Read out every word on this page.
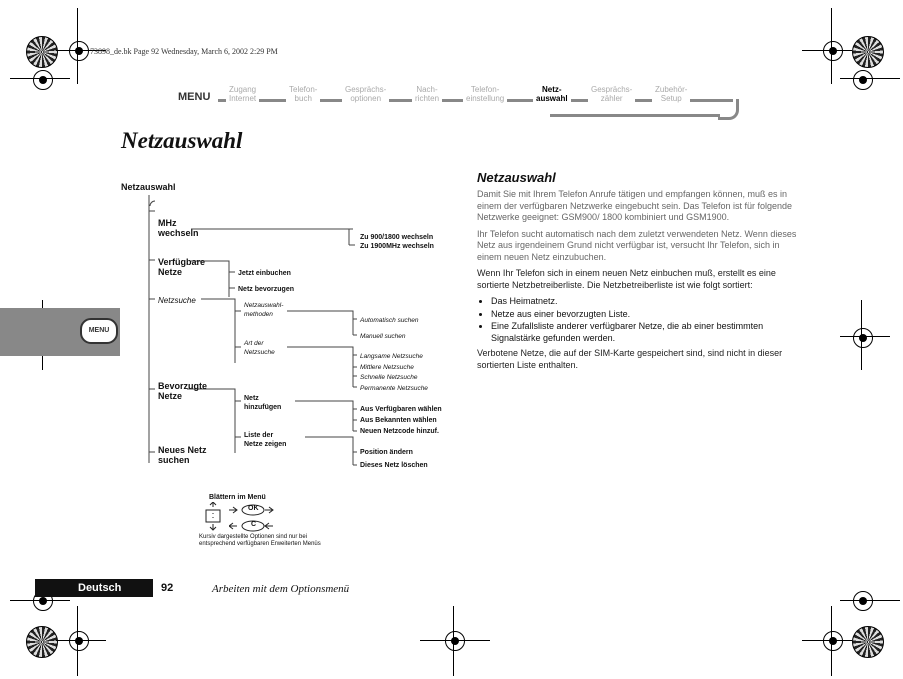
73898_de.bk Page 92 Wednesday, March 6, 2002 2:29 PM
MENU
Zugang
Internet
Telefon-
buch
Gesprächs-
optionen
Nach-
richten
Telefon-
einstellung
Netz-
auswahl
Gesprächs-
zähler
Zubehör-
Setup
Netzauswahl
MENU
Netzauswahl
MHz
wechseln	Zu 900/1800 wechseln
Zu 1900MHz wechseln
Verfügbare
Netze	Jetzt einbuchen
Netz bevorzugen
Netzsuche
Netzauswahl-
methoden
Automatisch suchen
Manuell suchen
Art der
Netzsuche
Langsame Netzsuche
Mittlere Netzsuche
Schnelle Netzsuche
Permanente Netzsuche
Bevorzugte
Netze	Netz
hinzufügen	Aus Verfügbaren wählen
Aus Bekannten wählen
Neuen Netzcode hinzuf.
Liste der
Netze zeigen
Position ändern
Dieses Netz löschen
Neues Netz
suchen
Blättern im Menü
OK
C
Kursiv dargestellte Optionen sind nur bei
entsprechend verfügbaren Erweiterten Menüs
Netzauswahl

Damit Sie mit Ihrem Telefon Anrufe tätigen und empfangen können, muß es in einem der verfügbaren Netzwerke eingebucht sein. Das Telefon ist für folgende Netzwerke geeignet: GSM900/ 1800 kombiniert und GSM1900.

Ihr Telefon sucht automatisch nach dem zuletzt verwendeten Netz. Wenn dieses Netz aus irgendeinem Grund nicht verfügbar ist, versucht Ihr Telefon, sich in einem neuen Netz einzubuchen.

Wenn Ihr Telefon sich in einem neuen Netz einbuchen muß, erstellt es eine sortierte Netzbetreiberliste. Die Netzbetreiberliste ist wie folgt sortiert:

• Das Heimatnetz.
• Netze aus einer bevorzugten Liste.
• Eine Zufallsliste anderer verfügbarer Netze, die ab einer bestimmten Signalstärke gefunden werden.

Verbotene Netze, die auf der SIM-Karte gespeichert sind, sind nicht in dieser sortierten Liste enthalten.

Deutsch	92	Arbeiten mit dem Optionsmenü
